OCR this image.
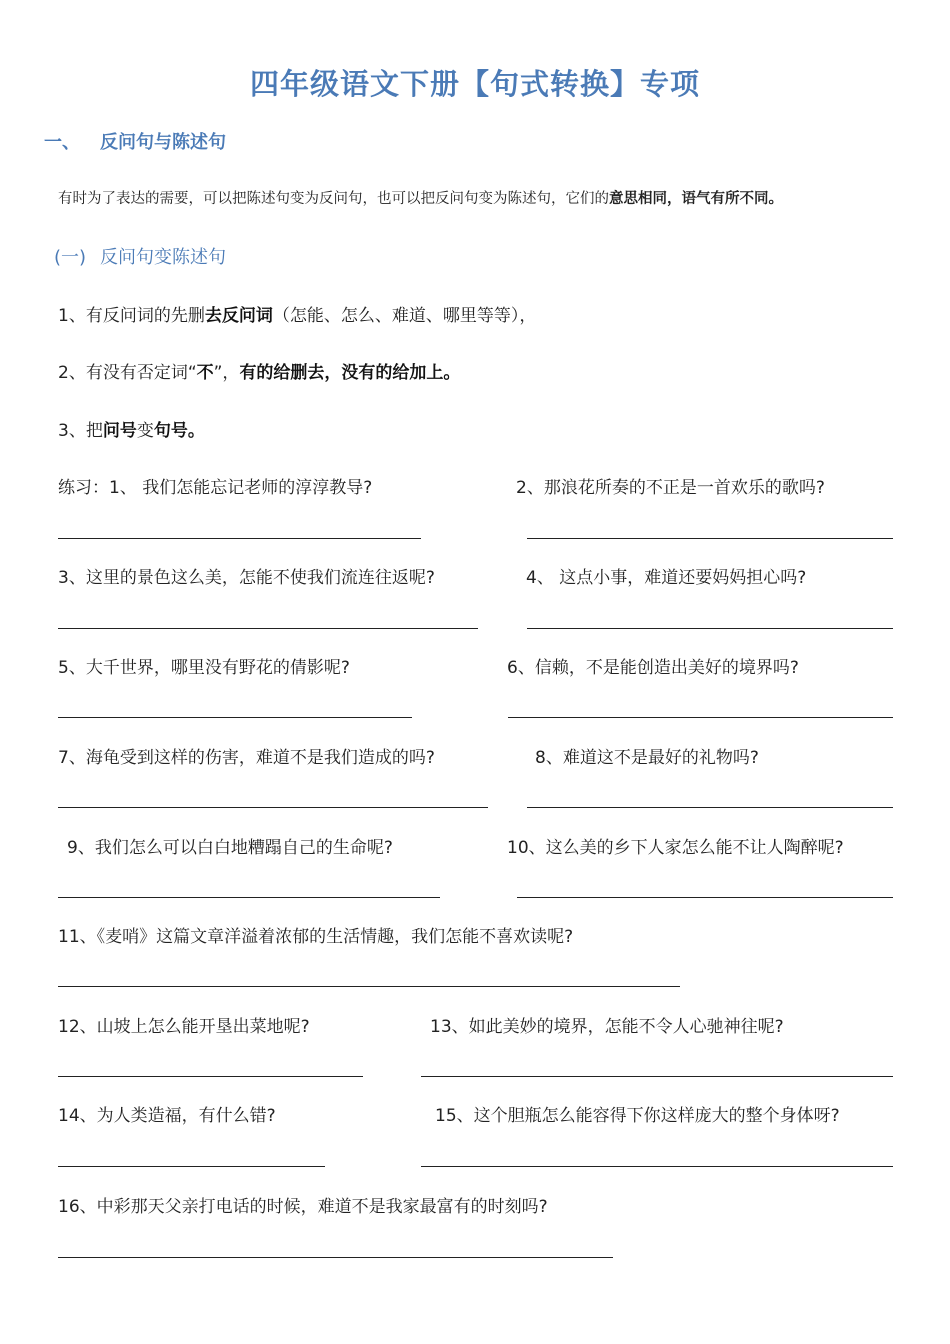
四年级语文下册【句式转换】专项
一、 反问句与陈述句
有时为了表达的需要，可以把陈述句变为反问句，也可以把反问句变为陈述句，它们的意思相同，语气有所不同。
(一) 反问句变陈述句
1、有反问词的先删去反问词（怎能、怎么、难道、哪里等等），
2、有没有否定词“不”，有的给删去，没有的给加上。
3、把问号变句号。
练习：1、 我们怎能忘记老师的淳淳教导?	2、那浪花所奏的不正是一首欢乐的歌吗?
3、这里的景色这么美，怎能不使我们流连往返呢?	4、 这点小事，难道还要妈妈担心吗?
5、大千世界，哪里没有野花的倩影呢?	6、信赖，不是能创造出美好的境界吗?
7、海龟受到这样的伤害，难道不是我们造成的吗?	8、难道这不是最好的礼物吗?
9、我们怎么可以白白地糟蹋自己的生命呢?	10、这么美的乡下人家怎么能不让人陶醉呢?
11、《麦哨》这篇文章洋溢着浓郁的生活情趣，我们怎能不喜欢读呢?
12、山坡上怎么能开垦出菜地呢?	13、如此美妙的境界，怎能不令人心驰神往呢?
14、为人类造福，有什么错?	15、这个胆瓶怎么能容得下你这样庞大的整个身体呀?
16、中彩那天父亲打电话的时候，难道不是我家最富有的时刻吗?
